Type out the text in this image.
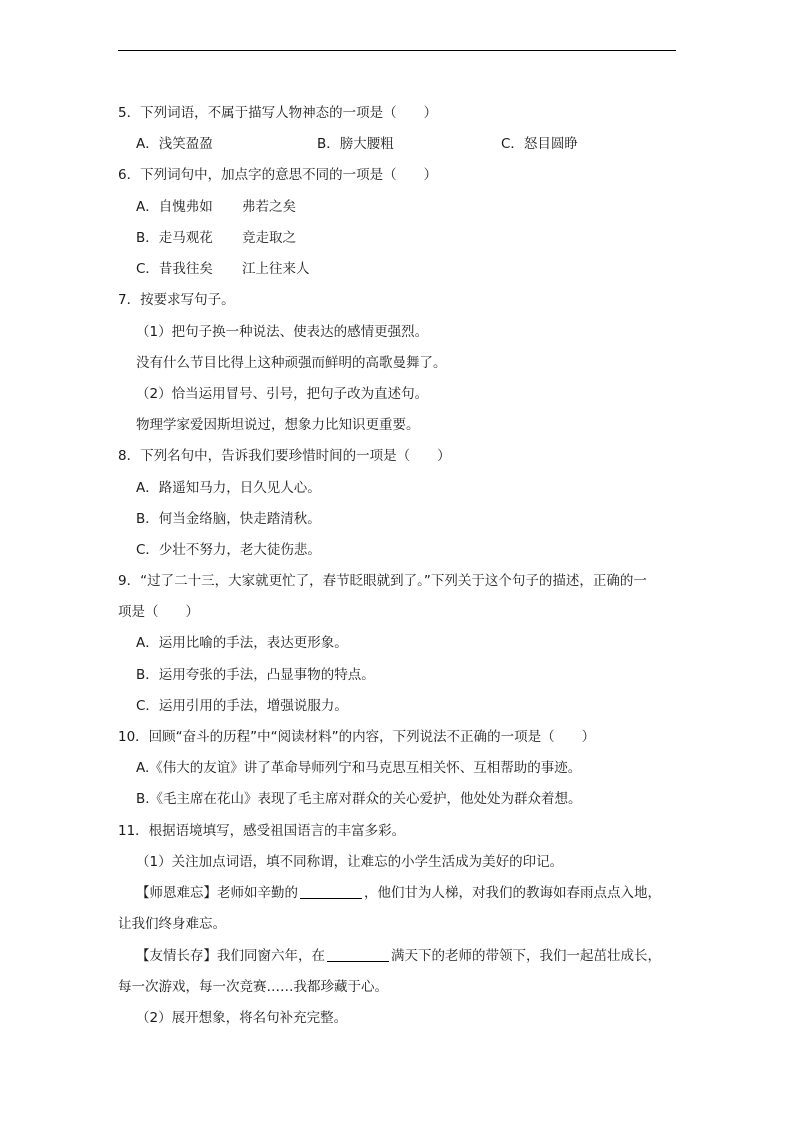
5．下列词语，不属于描写人物神态的一项是（　　）
A．浅笑盈盈	B．膀大腰粗	C．怒目圆睁
6．下列词句中，加点字的意思不同的一项是（　　）
A．自愧弗如 弗若之矣
B．走马观花 竞走取之
C．昔我往矣 江上往来人
7．按要求写句子。
（1）把句子换一种说法、使表达的感情更强烈。
没有什么节目比得上这种顽强而鲜明的高歌曼舞了。
（2）恰当运用冒号、引号，把句子改为直述句。
物理学家爱因斯坦说过，想象力比知识更重要。
8．下列名句中，告诉我们要珍惜时间的一项是（　　）
A．路遥知马力，日久见人心。
B．何当金络脑，快走踏清秋。
C．少壮不努力，老大徒伤悲。
9．“过了二十三，大家就更忙了，春节眨眼就到了。”下列关于这个句子的描述，正确的一
项是（　　）
A．运用比喻的手法，表达更形象。
B．运用夸张的手法，凸显事物的特点。
C．运用引用的手法，增强说服力。
10．回顾“奋斗的历程”中“阅读材料”的内容，下列说法不正确的一项是（　　）
A.《伟大的友谊》讲了革命导师列宁和马克思互相关怀、互相帮助的事迹。
B.《毛主席在花山》表现了毛主席对群众的关心爱护，他处处为群众着想。
11．根据语境填写，感受祖国语言的丰富多彩。
（1）关注加点词语，填不同称谓，让难忘的小学生活成为美好的印记。
【师恩难忘】老师如辛勤的	，他们甘为人梯，对我们的教诲如春雨点点入地，
让我们终身难忘。
【友情长存】我们同窗六年，在	满天下的老师的带领下，我们一起茁壮成长，
每一次游戏，每一次竞赛……我都珍藏于心。
（2）展开想象，将名句补充完整。
